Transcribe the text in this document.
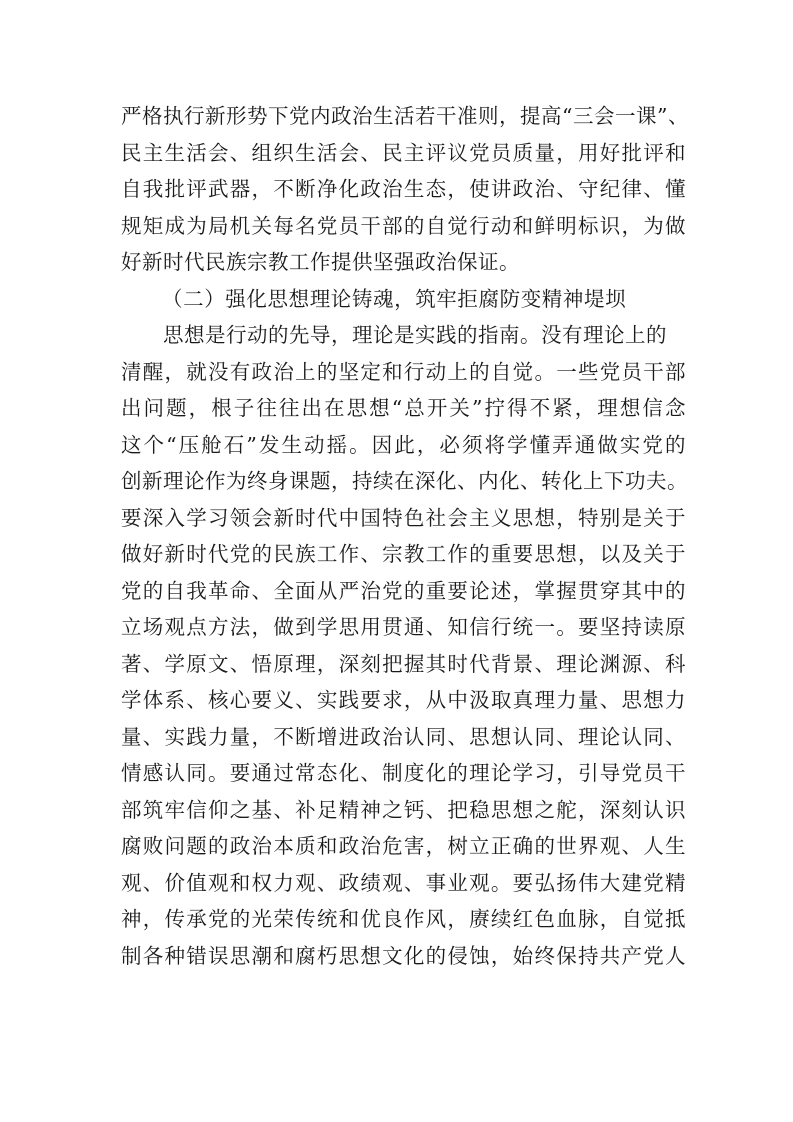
严格执行新形势下党内政治生活若干准则，提高“三会一课”、
民主生活会、组织生活会、民主评议党员质量，用好批评和
自我批评武器，不断净化政治生态，使讲政治、守纪律、懂
规矩成为局机关每名党员干部的自觉行动和鲜明标识，为做
好新时代民族宗教工作提供坚强政治保证。
（二）强化思想理论铸魂，筑牢拒腐防变精神堤坝
　　思想是行动的先导，理论是实践的指南。没有理论上的
清醒，就没有政治上的坚定和行动上的自觉。一些党员干部
出问题，根子往往出在思想“总开关”拧得不紧，理想信念
这个“压舱石”发生动摇。因此，必须将学懂弄通做实党的
创新理论作为终身课题，持续在深化、内化、转化上下功夫。
要深入学习领会新时代中国特色社会主义思想，特别是关于
做好新时代党的民族工作、宗教工作的重要思想，以及关于
党的自我革命、全面从严治党的重要论述，掌握贯穿其中的
立场观点方法，做到学思用贯通、知信行统一。要坚持读原
著、学原文、悟原理，深刻把握其时代背景、理论渊源、科
学体系、核心要义、实践要求，从中汲取真理力量、思想力
量、实践力量，不断增进政治认同、思想认同、理论认同、
情感认同。要通过常态化、制度化的理论学习，引导党员干
部筑牢信仰之基、补足精神之钙、把稳思想之舵，深刻认识
腐败问题的政治本质和政治危害，树立正确的世界观、人生
观、价值观和权力观、政绩观、事业观。要弘扬伟大建党精
神，传承党的光荣传统和优良作风，赓续红色血脉，自觉抵
制各种错误思潮和腐朽思想文化的侵蚀，始终保持共产党人
